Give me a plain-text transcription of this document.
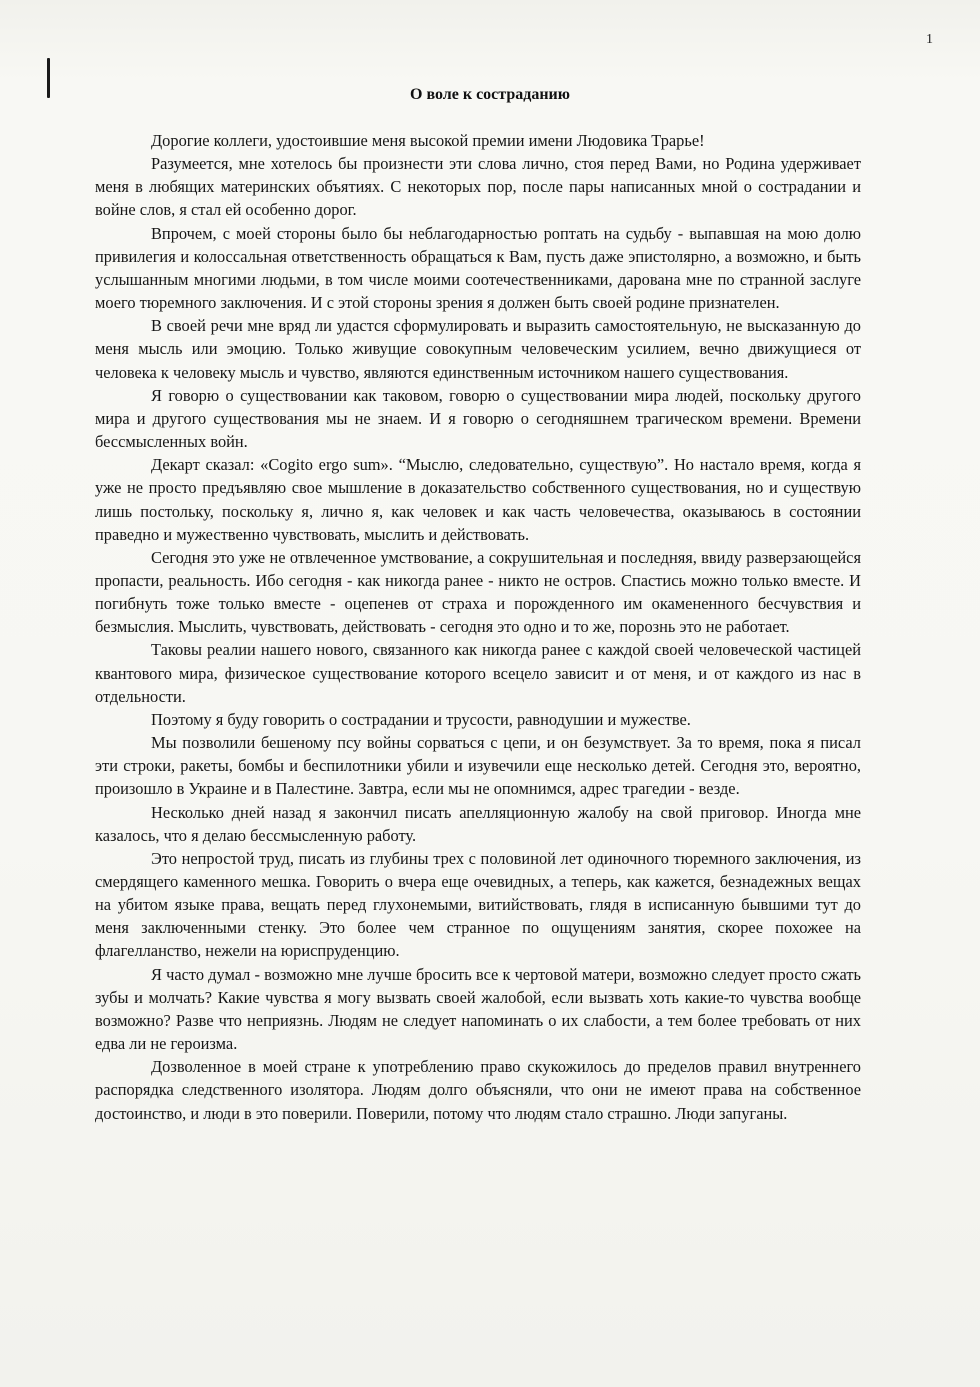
1
О воле к состраданию

Дорогие коллеги, удостоившие меня высокой премии имени Людовика Трарье!

Разумеется, мне хотелось бы произнести эти слова лично, стоя перед Вами, но Родина удерживает меня в любящих материнских объятиях. С некоторых пор, после пары написанных мной о сострадании и войне слов, я стал ей особенно дорог.

Впрочем, с моей стороны было бы неблагодарностью роптать на судьбу - выпавшая на мою долю привилегия и колоссальная ответственность обращаться к Вам, пусть даже эпистолярно, а возможно, и быть услышанным многими людьми, в том числе моими соотечественниками, дарована мне по странной заслуге моего тюремного заключения. И с этой стороны зрения я должен быть своей родине признателен.

В своей речи мне вряд ли удастся сформулировать и выразить самостоятельную, не высказанную до меня мысль или эмоцию. Только живущие совокупным человеческим усилием, вечно движущиеся от человека к человеку мысль и чувство, являются единственным источником нашего существования.

Я говорю о существовании как таковом, говорю о существовании мира людей, поскольку другого мира и другого существования мы не знаем. И я говорю о сегодняшнем трагическом времени. Времени бессмысленных войн.

Декарт сказал: «Cogito ergo sum». “Мыслю, следовательно, существую”. Но настало время, когда я уже не просто предъявляю свое мышление в доказательство собственного существования, но и существую лишь постольку, поскольку я, лично я, как человек и как часть человечества, оказываюсь в состоянии праведно и мужественно чувствовать, мыслить и действовать.

Сегодня это уже не отвлеченное умствование, а сокрушительная и последняя, ввиду разверзающейся пропасти, реальность. Ибо сегодня - как никогда ранее - никто не остров. Спастись можно только вместе. И погибнуть тоже только вместе - оцепенев от страха и порожденного им окамененного бесчувствия и безмыслия. Мыслить, чувствовать, действовать - сегодня это одно и то же, порознь это не работает.

Таковы реалии нашего нового, связанного как никогда ранее с каждой своей человеческой частицей квантового мира, физическое существование которого всецело зависит и от меня, и от каждого из нас в отдельности.

Поэтому я буду говорить о сострадании и трусости, равнодушии и мужестве.

Мы позволили бешеному псу войны сорваться с цепи, и он безумствует. За то время, пока я писал эти строки, ракеты, бомбы и беспилотники убили и изувечили еще несколько детей. Сегодня это, вероятно, произошло в Украине и в Палестине. Завтра, если мы не опомнимся, адрес трагедии - везде.

Несколько дней назад я закончил писать апелляционную жалобу на свой приговор. Иногда мне казалось, что я делаю бессмысленную работу.

Это непростой труд, писать из глубины трех с половиной лет одиночного тюремного заключения, из смердящего каменного мешка. Говорить о вчера еще очевидных, а теперь, как кажется, безнадежных вещах на убитом языке права, вещать перед глухонемыми, витийствовать, глядя в исписанную бывшими тут до меня заключенными стенку. Это более чем странное по ощущениям занятия, скорее похожее на флагелланство, нежели на юриспруденцию.

Я часто думал - возможно мне лучше бросить все к чертовой матери, возможно следует просто сжать зубы и молчать? Какие чувства я могу вызвать своей жалобой, если вызвать хоть какие-то чувства вообще возможно? Разве что неприязнь. Людям не следует напоминать о их слабости, а тем более требовать от них едва ли не героизма.

Дозволенное в моей стране к употреблению право скукожилось до пределов правил внутреннего распорядка следственного изолятора. Людям долго объясняли, что они не имеют права на собственное достоинство, и люди в это поверили. Поверили, потому что людям стало страшно. Люди запуганы.
